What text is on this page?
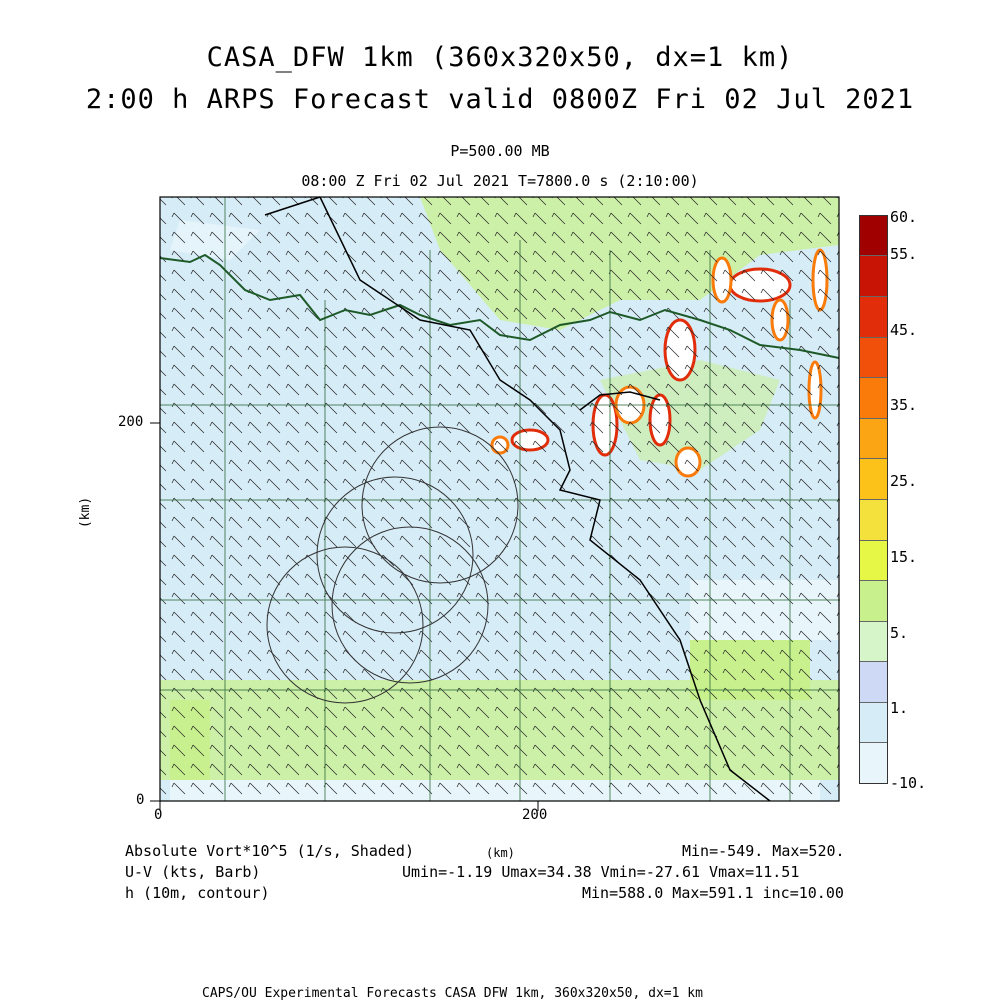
CASA_DFW 1km (360x320x50, dx=1 km)
2:00 h ARPS Forecast valid 0800Z Fri 02 Jul 2021
P=500.00 MB
08:00 Z Fri 02 Jul 2021 T=7800.0 s (2:10:00)
0	200
0
200
(km)
60.
55.
45.
35.
25.
15.
5.
1.
-10.
Absolute Vort*10^5 (1/s, Shaded)	(km)	Min=-549. Max=520.
U-V (kts, Barb)	Umin=-1.19 Umax=34.38 Vmin=-27.61 Vmax=11.51
h (10m, contour)	Min=588.0 Max=591.1 inc=10.00
CAPS/OU Experimental Forecasts CASA DFW 1km, 360x320x50, dx=1 km
